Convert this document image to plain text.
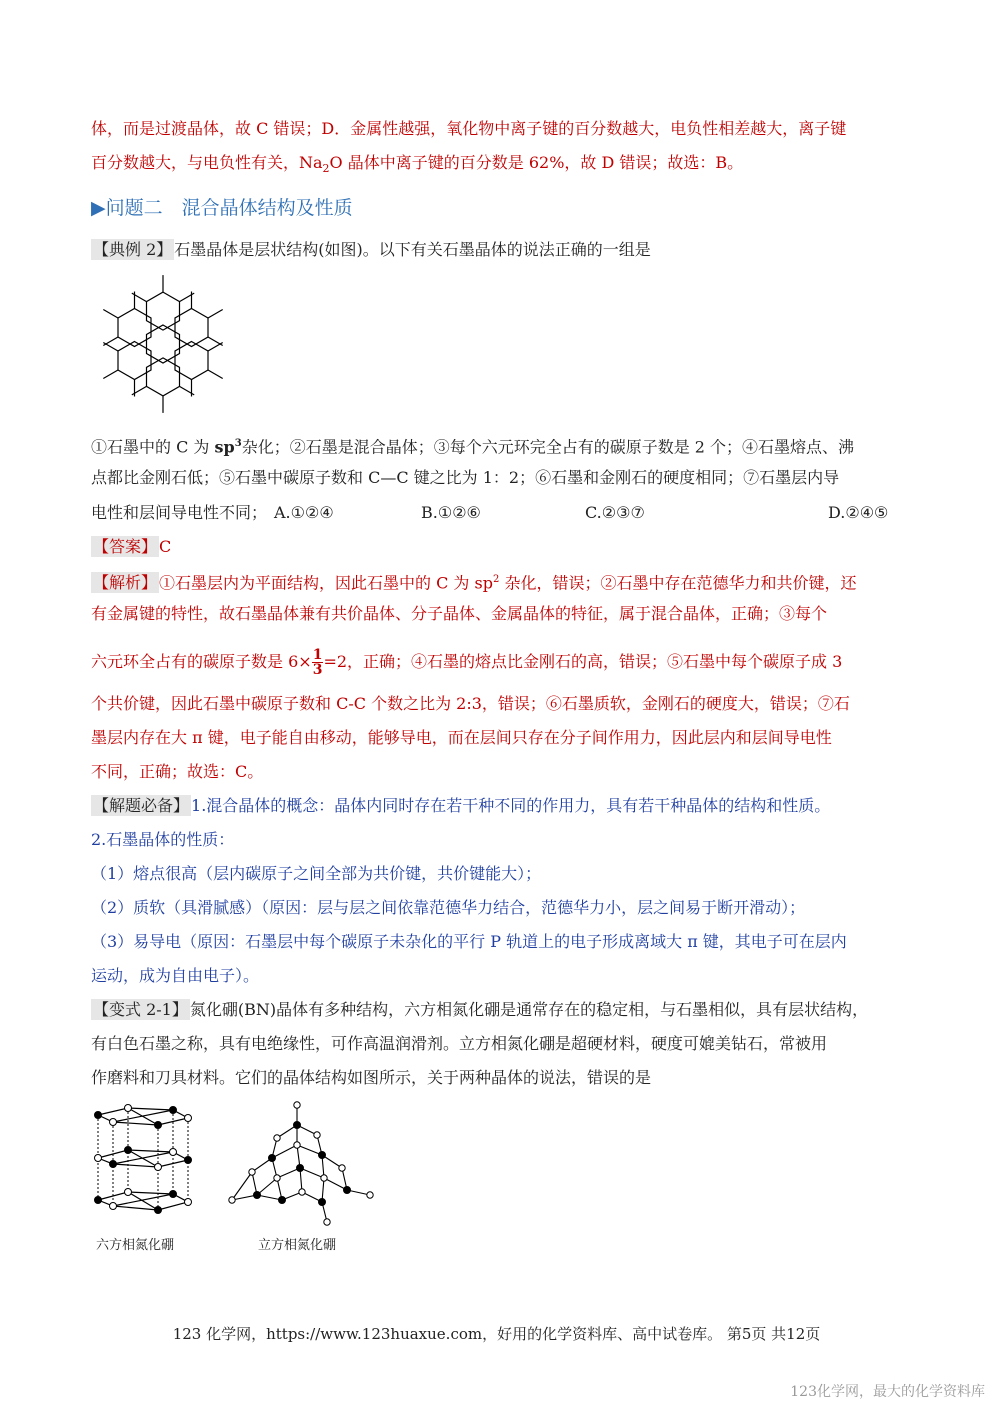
体，而是过渡晶体，故 C 错误；D．金属性越强，氧化物中离子键的百分数越大，电负性相差越大，离子键
百分数越大，与电负性有关，$Na_2O$ 晶体中离子键的百分数是 62%，故 D 错误；故选：B。
▶问题二　混合晶体结构及性质
【典例 2】 石墨晶体是层状结构(如图)。以下有关石墨晶体的说法正确的一组是
①石墨中的 C 为 $sp^3$杂化；②石墨是混合晶体；③每个六元环完全占有的碳原子数是 2 个；④石墨熔点、沸
点都比金刚石低；⑤石墨中碳原子数和 C—C 键之比为 1：2；⑥石墨和金刚石的硬度相同；⑦石墨层内导
电性和层间导电性不同； A.①②④	B.①②⑥	C.②③⑦	D.②④⑤
【答案】 C
【解析】 ①石墨层内为平面结构，因此石墨中的 C 为 $sp^2$ 杂化，错误；②石墨中存在范德华力和共价键，还
有金属键的特性，故石墨晶体兼有共价晶体、分子晶体、金属晶体的特征，属于混合晶体，正确；③每个
六元环全占有的碳原子数是 $6\times \frac{1}{3} =2$，正确；④石墨的熔点比金刚石的高，错误；⑤石墨中每个碳原子成 3
个共价键，因此石墨中碳原子数和 C-C 个数之比为 2:3，错误；⑥石墨质软，金刚石的硬度大，错误；⑦石
墨层内存在大 π 键，电子能自由移动，能够导电，而在层间只存在分子间作用力，因此层内和层间导电性
不同，正确；故选：C。
【解题必备】 1.混合晶体的概念：晶体内同时存在若干种不同的作用力，具有若干种晶体的结构和性质。
2.石墨晶体的性质：
（1）熔点很高（层内碳原子之间全部为共价键，共价键能大）；
（2）质软（具滑腻感）（原因：层与层之间依靠范德华力结合，范德华力小，层之间易于断开滑动）；
（3）易导电（原因：石墨层中每个碳原子未杂化的平行 P 轨道上的电子形成离域大 π 键，其电子可在层内
运动，成为自由电子）。
【变式 2-1】 氮化硼(BN)晶体有多种结构，六方相氮化硼是通常存在的稳定相，与石墨相似，具有层状结构，
有白色石墨之称，具有电绝缘性，可作高温润滑剂。立方相氮化硼是超硬材料，硬度可媲美钻石，常被用
作磨料和刀具材料。它们的晶体结构如图所示，关于两种晶体的说法，错误的是
六方相氮化硼	立方相氮化硼
123 化学网，https://www.123huaxue.com，好用的化学资料库、高中试卷库。 第5页 共12页
123化学网，最大的化学资料库
